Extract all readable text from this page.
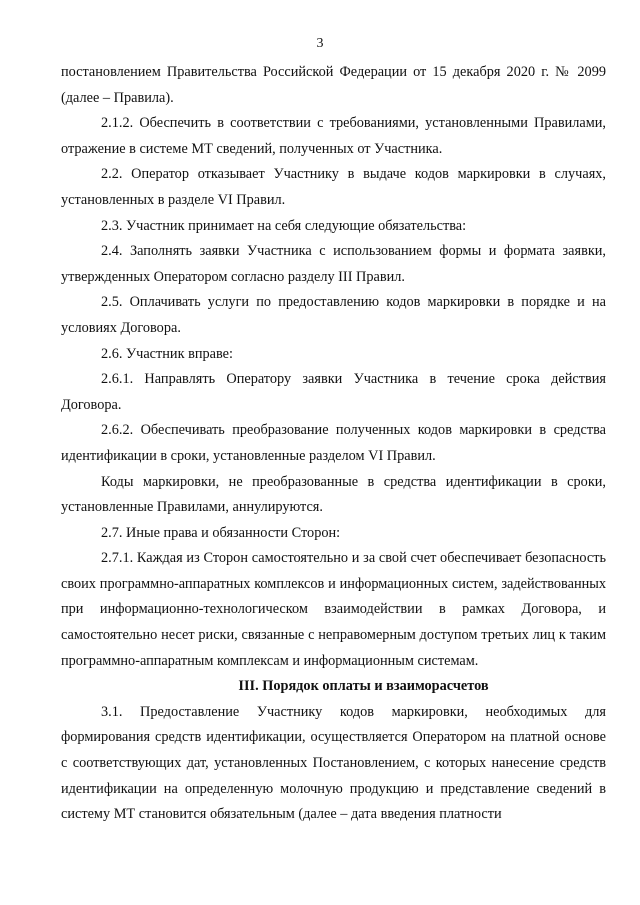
3

постановлением Правительства Российской Федерации от 15 декабря 2020 г. № 2099 (далее – Правила).

2.1.2. Обеспечить в соответствии с требованиями, установленными Правилами, отражение в системе МТ сведений, полученных от Участника.

2.2. Оператор отказывает Участнику в выдаче кодов маркировки в случаях, установленных в разделе VI Правил.

2.3. Участник принимает на себя следующие обязательства:

2.4. Заполнять заявки Участника с использованием формы и формата заявки, утвержденных Оператором согласно разделу III Правил.

2.5. Оплачивать услуги по предоставлению кодов маркировки в порядке и на условиях Договора.

2.6. Участник вправе:

2.6.1. Направлять Оператору заявки Участника в течение срока действия Договора.

2.6.2. Обеспечивать преобразование полученных кодов маркировки в средства идентификации в сроки, установленные разделом VI Правил.

Коды маркировки, не преобразованные в средства идентификации в сроки, установленные Правилами, аннулируются.

2.7. Иные права и обязанности Сторон:

2.7.1. Каждая из Сторон самостоятельно и за свой счет обеспечивает безопасность своих программно-аппаратных комплексов и информационных систем, задействованных при информационно-технологическом взаимодействии в рамках Договора, и самостоятельно несет риски, связанные с неправомерным доступом третьих лиц к таким программно-аппаратным комплексам и информационным системам.

III. Порядок оплаты и взаиморасчетов

3.1. Предоставление Участнику кодов маркировки, необходимых для формирования средств идентификации, осуществляется Оператором на платной основе с соответствующих дат, установленных Постановлением, с которых нанесение средств идентификации на определенную молочную продукцию и представление сведений в систему МТ становится обязательным (далее – дата введения платности
